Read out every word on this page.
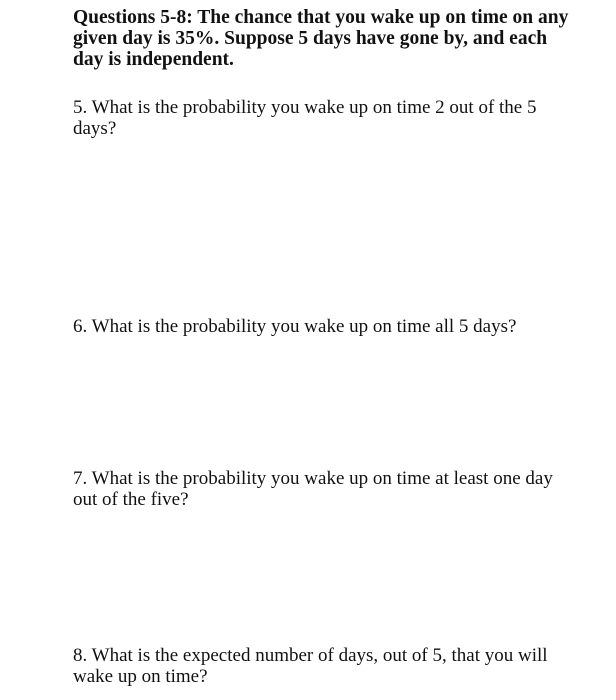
Questions 5-8: The chance that you wake up on time on any given day is 35%. Suppose 5 days have gone by, and each day is independent.
5. What is the probability you wake up on time 2 out of the 5 days?
6. What is the probability you wake up on time all 5 days?
7. What is the probability you wake up on time at least one day out of the five?
8. What is the expected number of days, out of 5, that you will wake up on time?
